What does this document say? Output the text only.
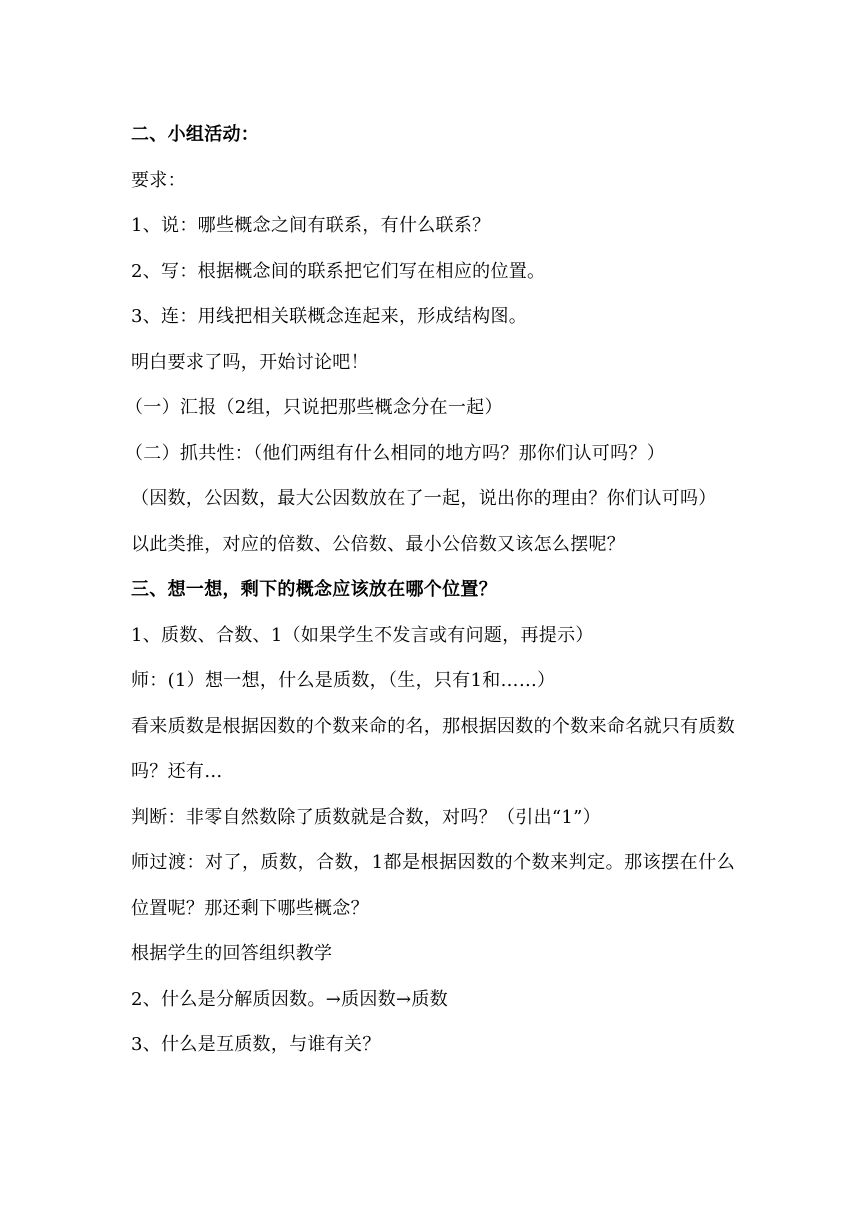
二、小组活动：
要求：
1、说：哪些概念之间有联系，有什么联系？
2、写：根据概念间的联系把它们写在相应的位置。
3、连：用线把相关联概念连起来，形成结构图。
明白要求了吗，开始讨论吧！
（一）汇报（2组，只说把那些概念分在一起）
（二）抓共性：（他们两组有什么相同的地方吗？那你们认可吗？）
（因数，公因数，最大公因数放在了一起，说出你的理由？你们认可吗）
以此类推，对应的倍数、公倍数、最小公倍数又该怎么摆呢？
三、想一想，剩下的概念应该放在哪个位置？
1、质数、合数、1（如果学生不发言或有问题，再提示）
师：(1）想一想，什么是质数，（生，只有1和……）
看来质数是根据因数的个数来命的名，那根据因数的个数来命名就只有质数吗？还有…
判断：非零自然数除了质数就是合数，对吗？（引出“1”）
师过渡：对了，质数，合数，1都是根据因数的个数来判定。那该摆在什么位置呢？那还剩下哪些概念？
根据学生的回答组织教学
2、什么是分解质因数。→质因数→质数
3、什么是互质数，与谁有关？
